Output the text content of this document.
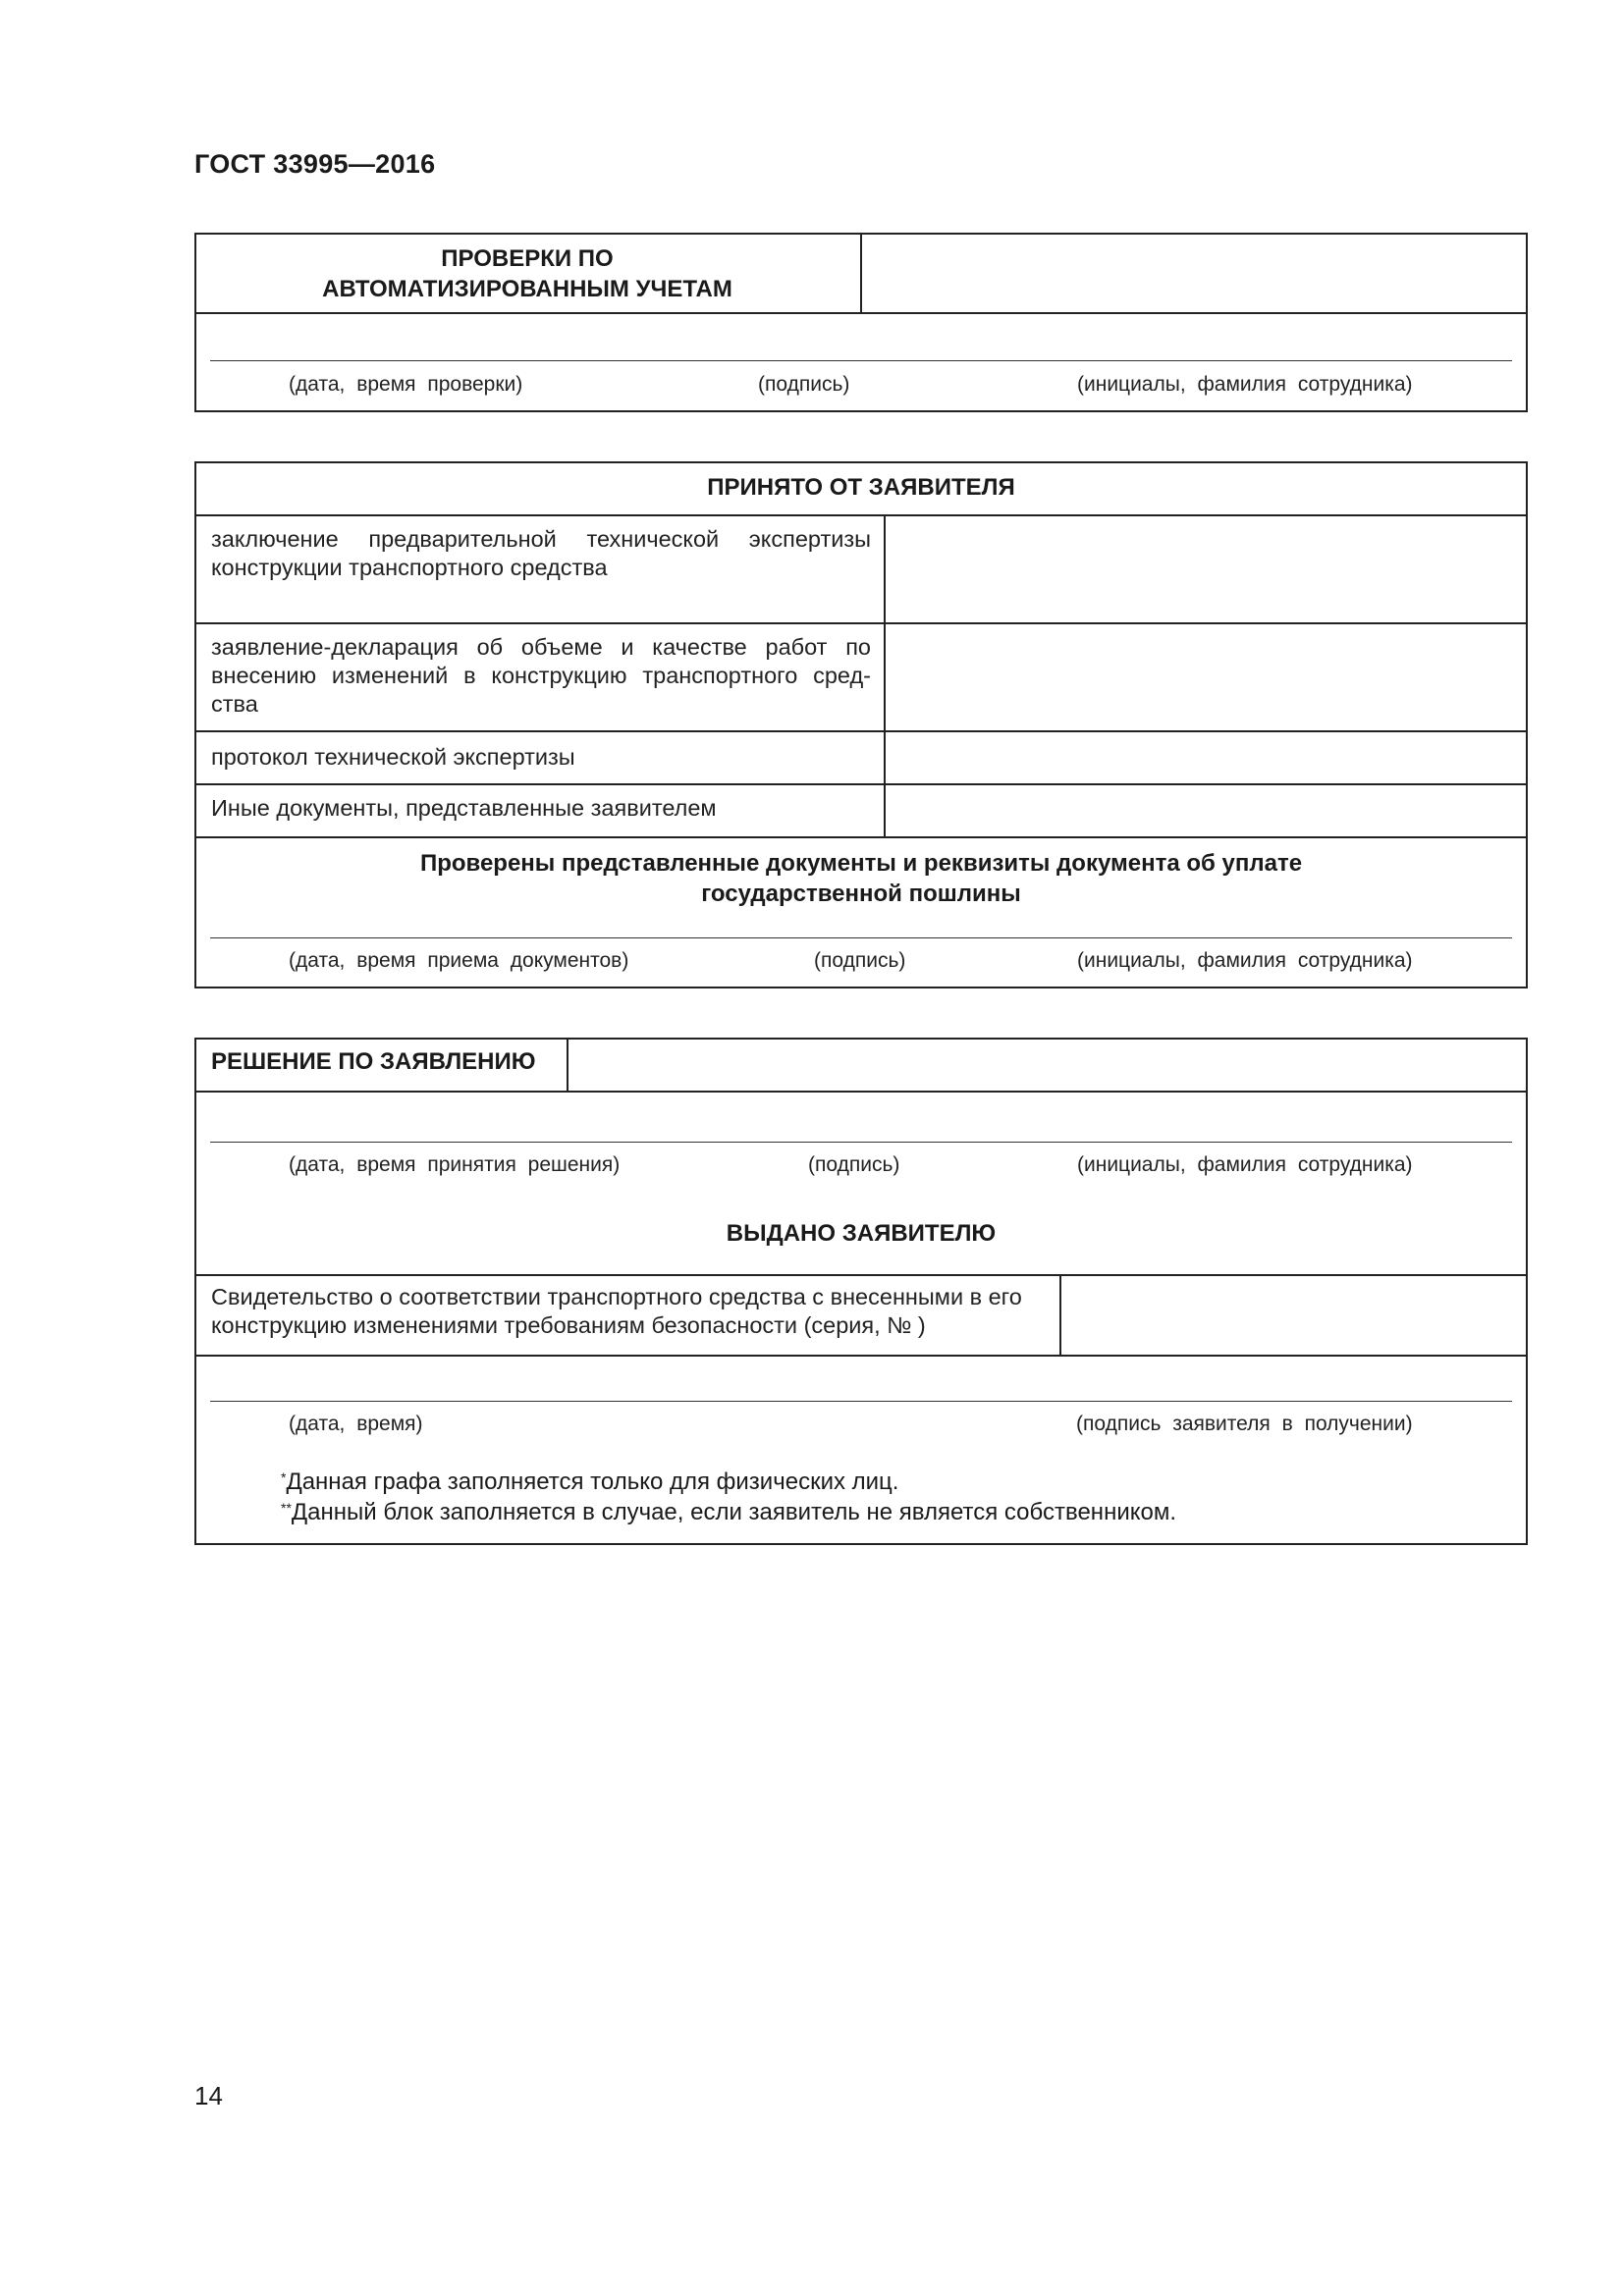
ГОСТ 33995—2016
ПРОВЕРКИ ПО АВТОМАТИЗИРОВАННЫМ УЧЕТАМ
(дата, время проверки)	(подпись)	(инициалы, фамилия сотрудника)
ПРИНЯТО ОТ ЗАЯВИТЕЛЯ
заключение предварительной технической экспертизы конструкции транспортного средства
заявление-декларация об объеме и качестве работ по внесению изменений в конструкцию транспортного сред-ства
протокол технической экспертизы
Иные документы, представленные заявителем
Проверены представленные документы и реквизиты документа об уплате государственной пошлины
(дата, время приема документов)	(подпись)	(инициалы, фамилия сотрудника)
РЕШЕНИЕ ПО ЗАЯВЛЕНИЮ
(дата, время принятия решения)	(подпись)	(инициалы, фамилия сотрудника)
ВЫДАНО ЗАЯВИТЕЛЮ
Свидетельство о соответствии транспортного средства с внесенными в его конструкцию изменениями требованиям безопасности (серия, № )
(дата, время)	(подпись заявителя в получении)
*Данная графа заполняется только для физических лиц.
**Данный блок заполняется в случае, если заявитель не является собственником.
14
